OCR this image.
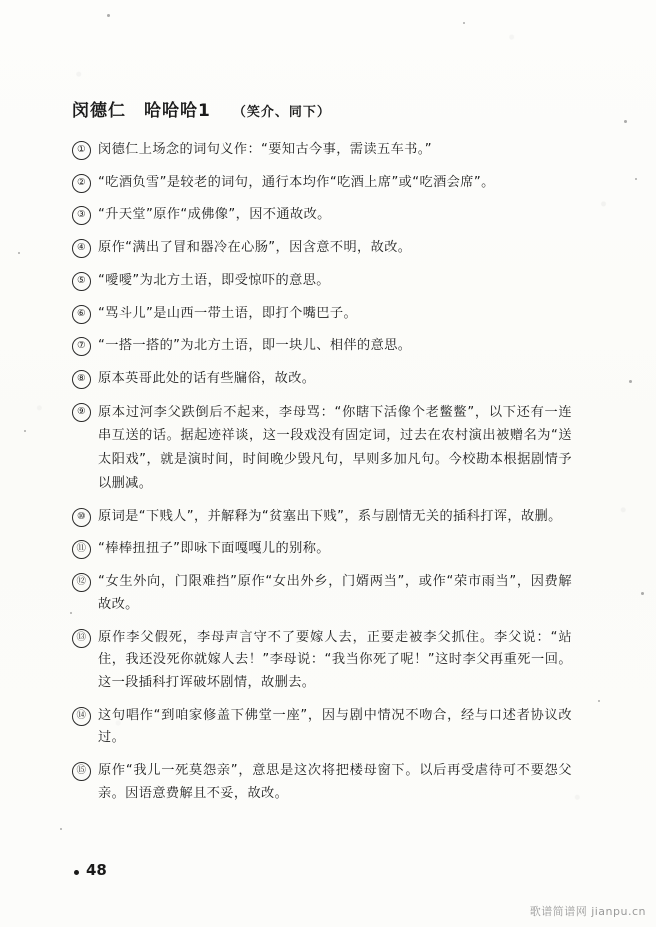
闵德仁　哈哈哈1 （笑介、同下）
① 闵德仁上场念的词句义作：“要知古今事，需读五车书。”
② “吃酒负雪”是较老的词句，通行本均作“吃酒上席”或“吃酒会席”。
③ “升天堂”原作“成佛像”，因不通故改。
④ 原作“满出了冒和器冷在心肠”，因含意不明，故改。
⑤ “噯噯”为北方土语，即受惊吓的意思。
⑥ “骂斗儿”是山西一带土语，即打个嘴巴子。
⑦ “一搭一搭的”为北方土语，即一块儿、相伴的意思。
⑧ 原本英哥此处的话有些牖俗，故改。
⑨ 原本过河李父跌倒后不起来，李母骂：“你瞎下活像个老鳖鳖”，以下还有一连串互送的话。据起迹祥谈，这一段戏没有固定词，过去在农村演出被赠名为“送太阳戏”，就是演时间，时间晚少毁凡句，早则多加凡句。今校勘本根据剧情予以删减。
⑩ 原词是“下贱人”，并解释为“贫塞出下贱”，系与剧情无关的插科打诨，故删。
⑪ “棒棒扭扭子”即咏下面嘎嘎儿的别称。
⑫ “女生外向，门限难挡”原作“女出外乡，门婿两当”，或作“荣市雨当”，因费解故改。
⑬ 原作李父假死，李母声言守不了要嫁人去，正要走被李父抓住。李父说：“站住，我还没死你就嫁人去！”李母说：“我当你死了呢！”这时李父再重死一回。这一段插科打诨破坏剧情，故删去。
⑭ 这句唱作“到咱家修盖下佛堂一座”，因与剧中情况不吻合，经与口述者协议改过。
⑮ 原作“我儿一死莫怨亲”，意思是这次将把楼母窗下。以后再受虐待可不要怨父亲。因语意费解且不妥，故改。
48
歌谱简谱网 jianpu.cn
